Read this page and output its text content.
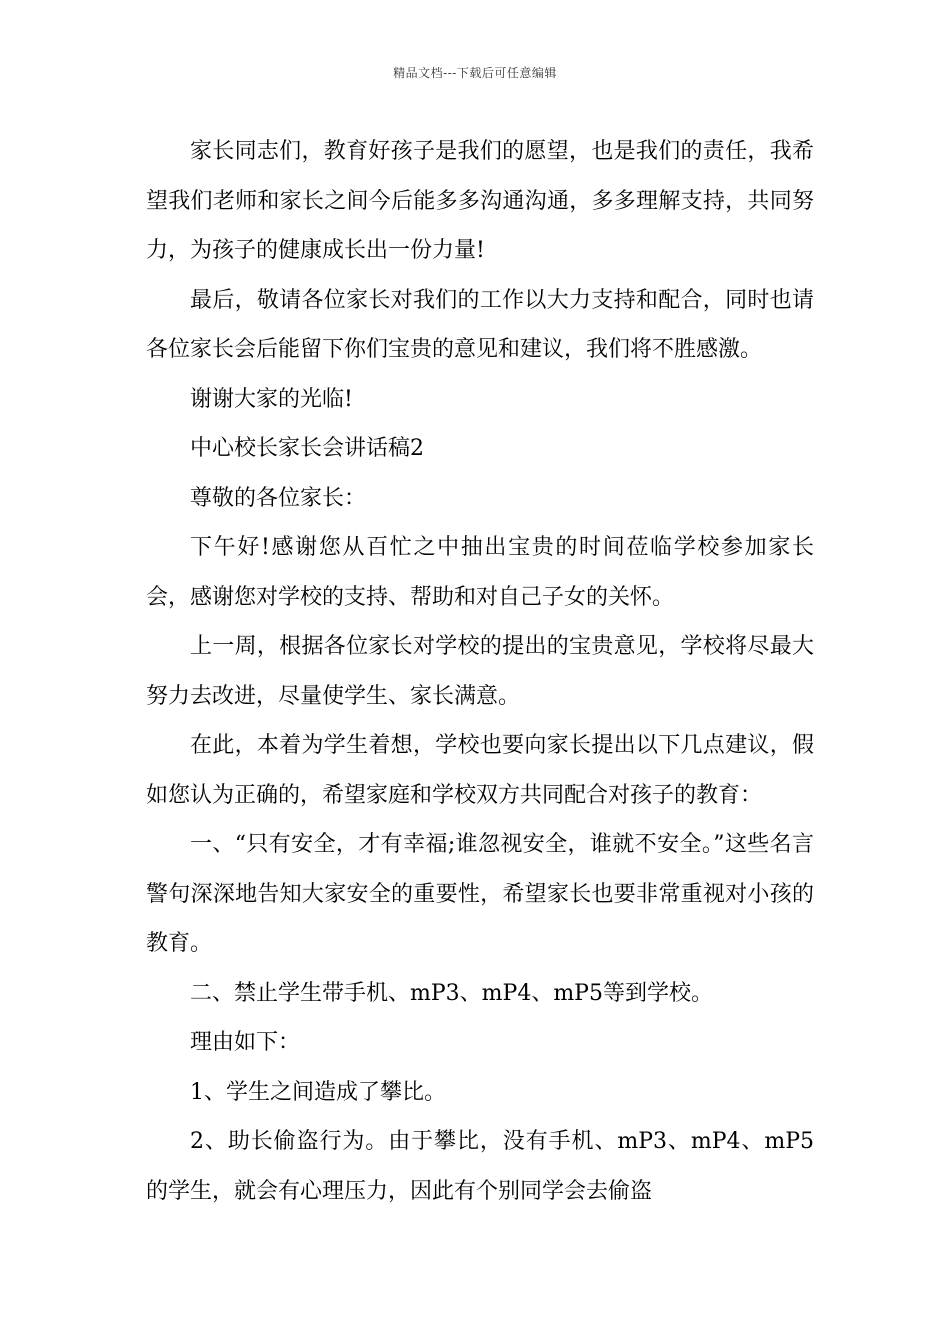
精品文档---下载后可任意编辑

家长同志们，教育好孩子是我们的愿望，也是我们的责任，我希望我们老师和家长之间今后能多多沟通沟通，多多理解支持，共同努力，为孩子的健康成长出一份力量!

最后，敬请各位家长对我们的工作以大力支持和配合，同时也请各位家长会后能留下你们宝贵的意见和建议，我们将不胜感激。

谢谢大家的光临!

中心校长家长会讲话稿2

尊敬的各位家长：

下午好!感谢您从百忙之中抽出宝贵的时间莅临学校参加家长会，感谢您对学校的支持、帮助和对自己子女的关怀。

上一周，根据各位家长对学校的提出的宝贵意见，学校将尽最大努力去改进，尽量使学生、家长满意。

在此，本着为学生着想，学校也要向家长提出以下几点建议，假如您认为正确的，希望家庭和学校双方共同配合对孩子的教育：

一、“只有安全，才有幸福;谁忽视安全，谁就不安全。”这些名言警句深深地告知大家安全的重要性，希望家长也要非常重视对小孩的教育。

二、禁止学生带手机、mP3、mP4、mP5等到学校。

理由如下：

1、学生之间造成了攀比。

2、助长偷盗行为。由于攀比，没有手机、mP3、mP4、mP5的学生，就会有心理压力，因此有个别同学会去偷盗
